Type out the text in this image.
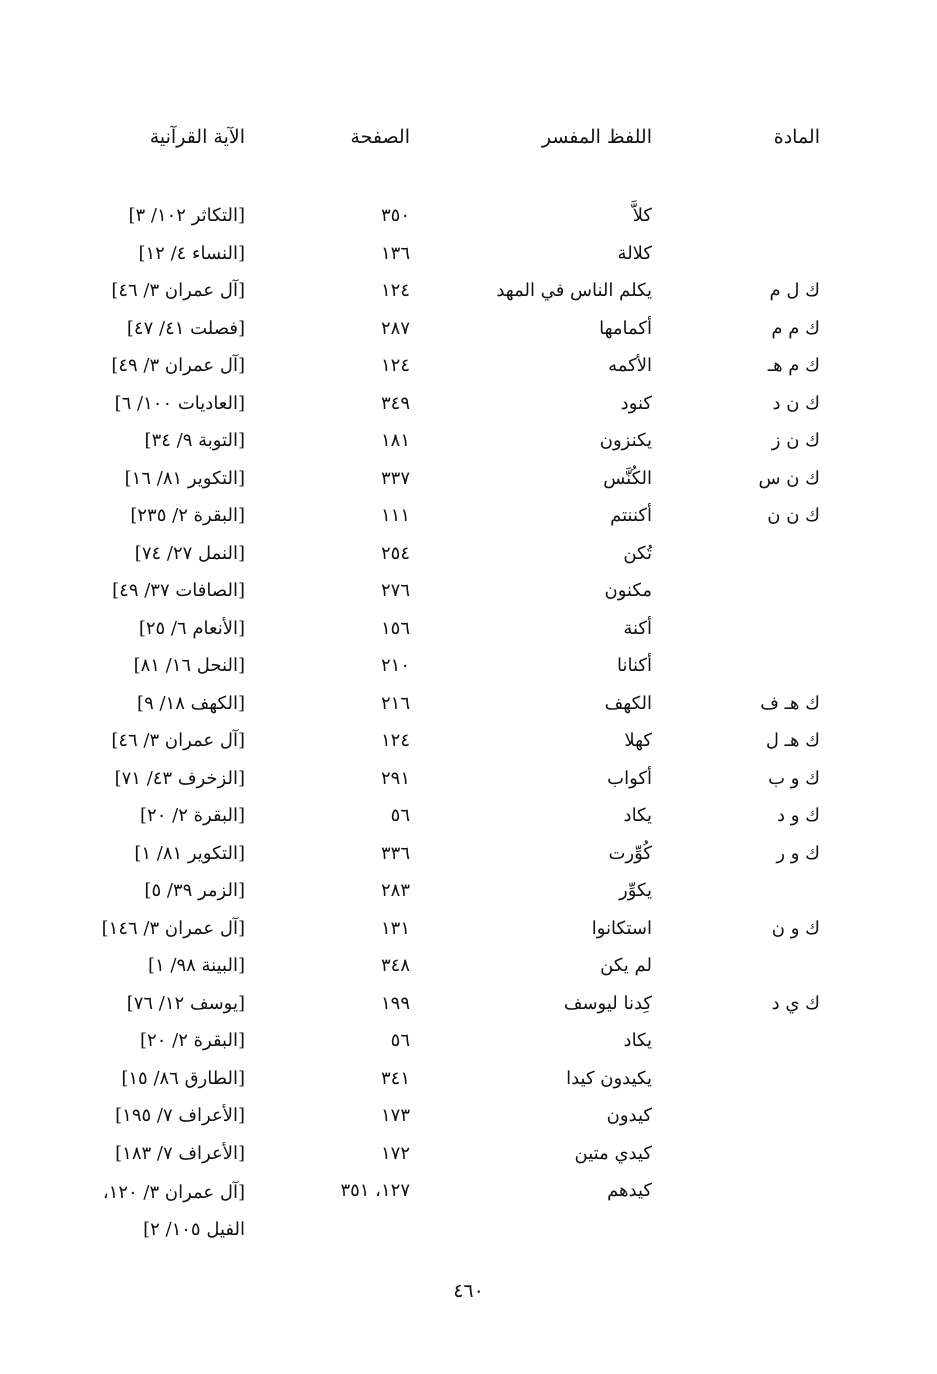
المادة
اللفظ المفسر
الصفحة
الآية القرآنية
كلاَّ
٣٥٠
[التكاثر ١٠٢/ ٣]
كلالة
١٣٦
[النساء ٤/ ١٢]
ك ل م
يكلم الناس في المهد
١٢٤
[آل عمران ٣/ ٤٦]
ك م م
أكمامها
٢٨٧
[فصلت ٤١/ ٤٧]
ك م هـ
الأكمه
١٢٤
[آل عمران ٣/ ٤٩]
ك ن د
كنود
٣٤٩
[العاديات ١٠٠/ ٦]
ك ن ز
يكنزون
١٨١
[التوبة ٩/ ٣٤]
ك ن س
الكُنَّس
٣٣٧
[التكوير ٨١/ ١٦]
ك ن ن
أكننتم
١١١
[البقرة ٢/ ٢٣٥]
تُكن
٢٥٤
[النمل ٢٧/ ٧٤]
مكنون
٢٧٦
[الصافات ٣٧/ ٤٩]
أكنة
١٥٦
[الأنعام ٦/ ٢٥]
أكنانا
٢١٠
[النحل ١٦/ ٨١]
ك هـ ف
الكهف
٢١٦
[الكهف ١٨/ ٩]
ك هـ ل
كهلا
١٢٤
[آل عمران ٣/ ٤٦]
ك و ب
أكواب
٢٩١
[الزخرف ٤٣/ ٧١]
ك و د
يكاد
٥٦
[البقرة ٢/ ٢٠]
ك و ر
كُوِّرت
٣٣٦
[التكوير ٨١/ ١]
يكوِّر
٢٨٣
[الزمر ٣٩/ ٥]
ك و ن
استكانوا
١٣١
[آل عمران ٣/ ١٤٦]
لم يكن
٣٤٨
[البينة ٩٨/ ١]
ك ي د
كِدنا ليوسف
١٩٩
[يوسف ١٢/ ٧٦]
يكاد
٥٦
[البقرة ٢/ ٢٠]
يكيدون كيدا
٣٤١
[الطارق ٨٦/ ١٥]
كيدون
١٧٣
[الأعراف ٧/ ١٩٥]
كيدي متين
١٧٢
[الأعراف ٧/ ١٨٣]
كيدهم
١٢٧، ٣٥١
[آل عمران ٣/ ١٢٠، الفيل ١٠٥/ ٢]
٤٦٠
